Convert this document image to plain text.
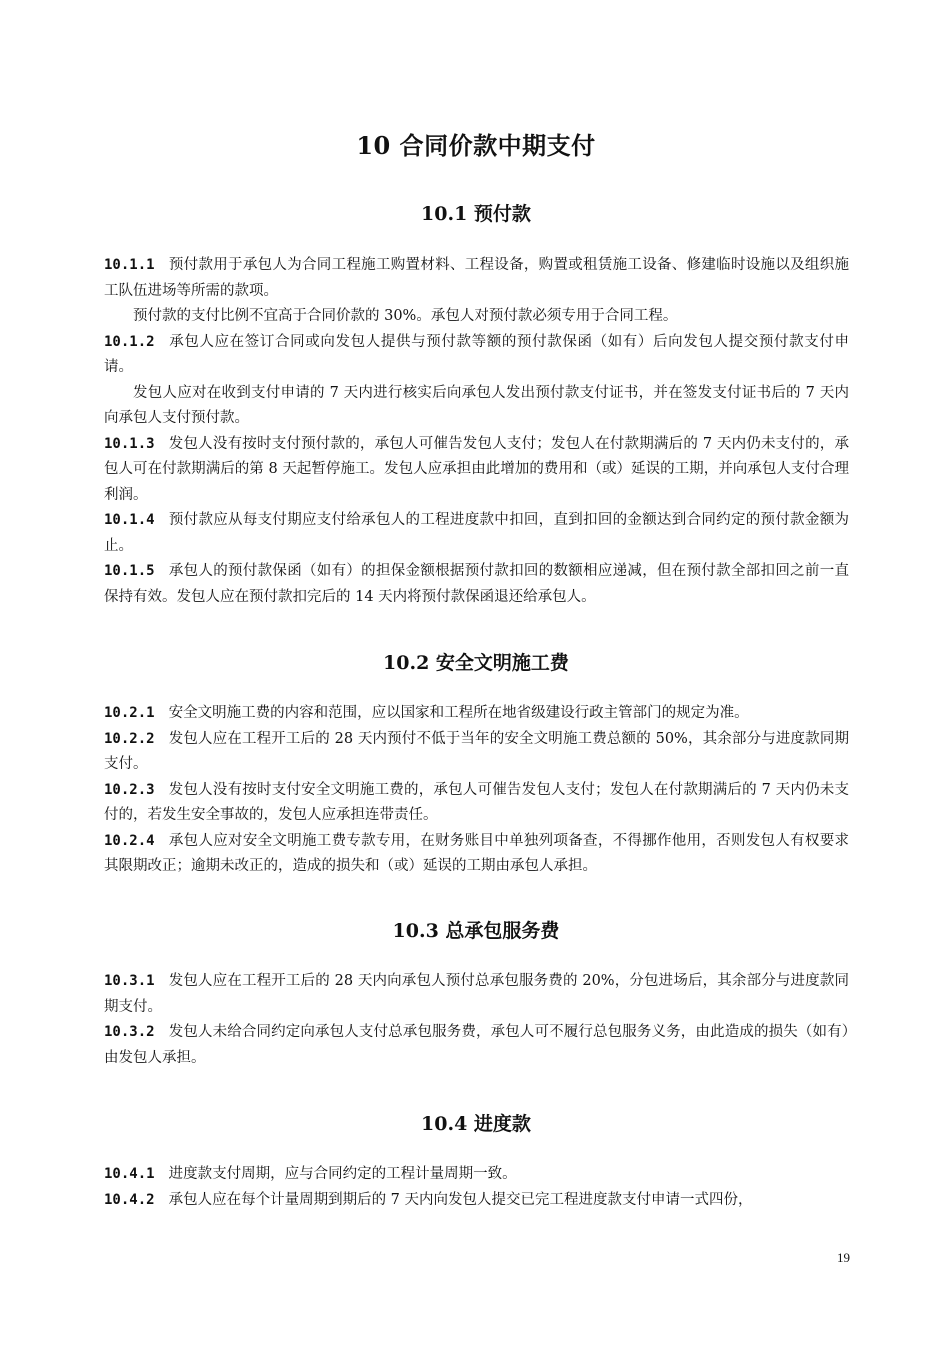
10 合同价款中期支付
10.1 预付款

10.1.1 预付款用于承包人为合同工程施工购置材料、工程设备，购置或租赁施工设备、修建临时设施以及组织施工队伍进场等所需的款项。

预付款的支付比例不宜高于合同价款的 30%。承包人对预付款必须专用于合同工程。

10.1.2 承包人应在签订合同或向发包人提供与预付款等额的预付款保函（如有）后向发包人提交预付款支付申请。

发包人应对在收到支付申请的 7 天内进行核实后向承包人发出预付款支付证书，并在签发支付证书后的 7 天内向承包人支付预付款。

10.1.3 发包人没有按时支付预付款的，承包人可催告发包人支付；发包人在付款期满后的 7 天内仍未支付的，承包人可在付款期满后的第 8 天起暂停施工。发包人应承担由此增加的费用和（或）延误的工期，并向承包人支付合理利润。

10.1.4 预付款应从每支付期应支付给承包人的工程进度款中扣回，直到扣回的金额达到合同约定的预付款金额为止。

10.1.5 承包人的预付款保函（如有）的担保金额根据预付款扣回的数额相应递减，但在预付款全部扣回之前一直保持有效。发包人应在预付款扣完后的 14 天内将预付款保函退还给承包人。

10.2 安全文明施工费

10.2.1 安全文明施工费的内容和范围，应以国家和工程所在地省级建设行政主管部门的规定为准。

10.2.2 发包人应在工程开工后的 28 天内预付不低于当年的安全文明施工费总额的 50%，其余部分与进度款同期支付。

10.2.3 发包人没有按时支付安全文明施工费的，承包人可催告发包人支付；发包人在付款期满后的 7 天内仍未支付的，若发生安全事故的，发包人应承担连带责任。

10.2.4 承包人应对安全文明施工费专款专用，在财务账目中单独列项备查，不得挪作他用，否则发包人有权要求其限期改正；逾期未改正的，造成的损失和（或）延误的工期由承包人承担。

10.3 总承包服务费

10.3.1 发包人应在工程开工后的 28 天内向承包人预付总承包服务费的 20%，分包进场后，其余部分与进度款同期支付。

10.3.2 发包人未给合同约定向承包人支付总承包服务费，承包人可不履行总包服务义务，由此造成的损失（如有）由发包人承担。

10.4 进度款

10.4.1 进度款支付周期，应与合同约定的工程计量周期一致。

10.4.2 承包人应在每个计量周期到期后的 7 天内向发包人提交已完工程进度款支付申请一式四份，

19
